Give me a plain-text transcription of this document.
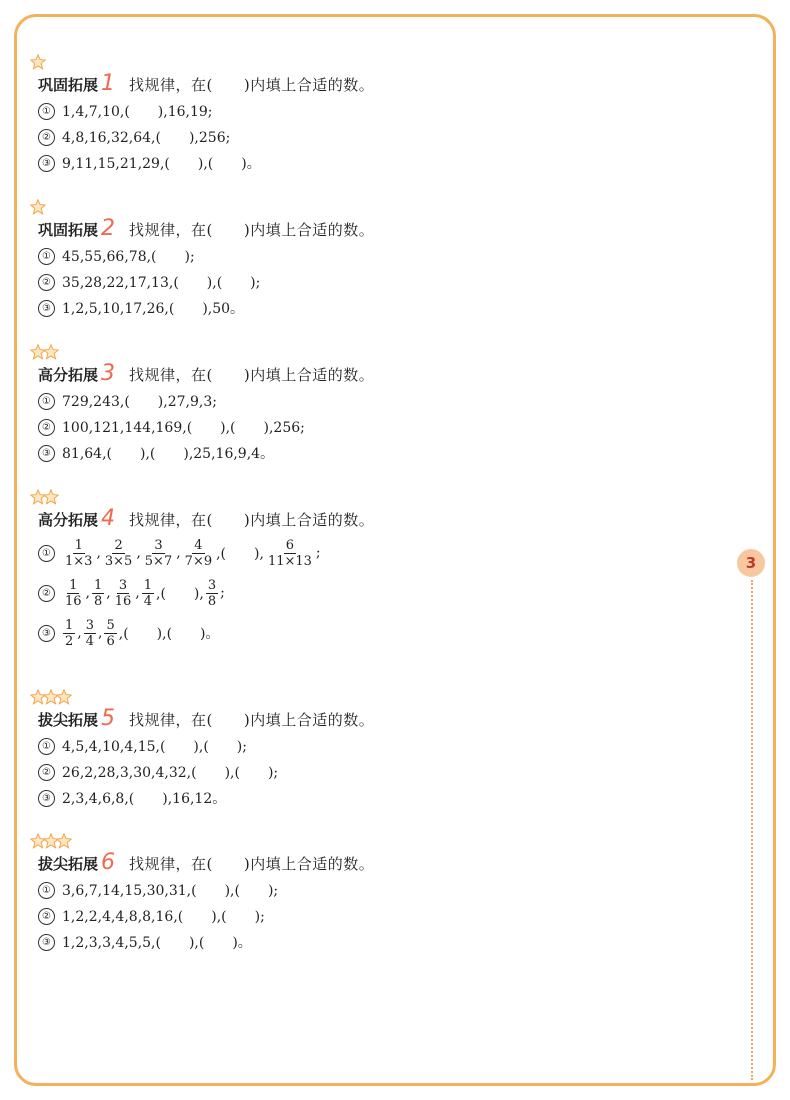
巩固拓展 1 找规律，在(　　)内填上合适的数。
① 1,4,7,10,(　　),16,19;
② 4,8,16,32,64,(　　),256;
③ 9,11,15,21,29,(　　),(　　)。
巩固拓展 2 找规律，在(　　)内填上合适的数。
① 45,55,66,78,(　　);
② 35,28,22,17,13,(　　),(　　);
③ 1,2,5,10,17,26,(　　),50。
高分拓展 3 找规律，在(　　)内填上合适的数。
① 729,243,(　　),27,9,3;
② 100,121,144,169,(　　),(　　),256;
③ 81,64,(　　),(　　),25,16,9,4。
高分拓展 4 找规律，在(　　)内填上合适的数。
① $\frac{1}{1\times 3}$ , $\frac{2}{3\times 5}$ , $\frac{3}{5\times 7}$ , $\frac{4}{7\times 9}$ ,(　　), $\frac{6}{11\times 13}$ ;
② $\frac{1}{16}$ , $\frac{1}{8}$ , $\frac{3}{16}$ , $\frac{1}{4}$ ,(　　), $\frac{3}{8}$ ;
③ $\frac{1}{2}$ , $\frac{3}{4}$ , $\frac{5}{6}$ ,(　　),(　　)。
拔尖拓展 5 找规律，在(　　)内填上合适的数。
① 4,5,4,10,4,15,(　　),(　　);
② 26,2,28,3,30,4,32,(　　),(　　);
③ 2,3,4,6,8,(　　),16,12。
拔尖拓展 6 找规律，在(　　)内填上合适的数。
① 3,6,7,14,15,30,31,(　　),(　　);
② 1,2,2,4,4,8,8,16,(　　),(　　);
③ 1,2,3,3,4,5,5,(　　),(　　)。
3
